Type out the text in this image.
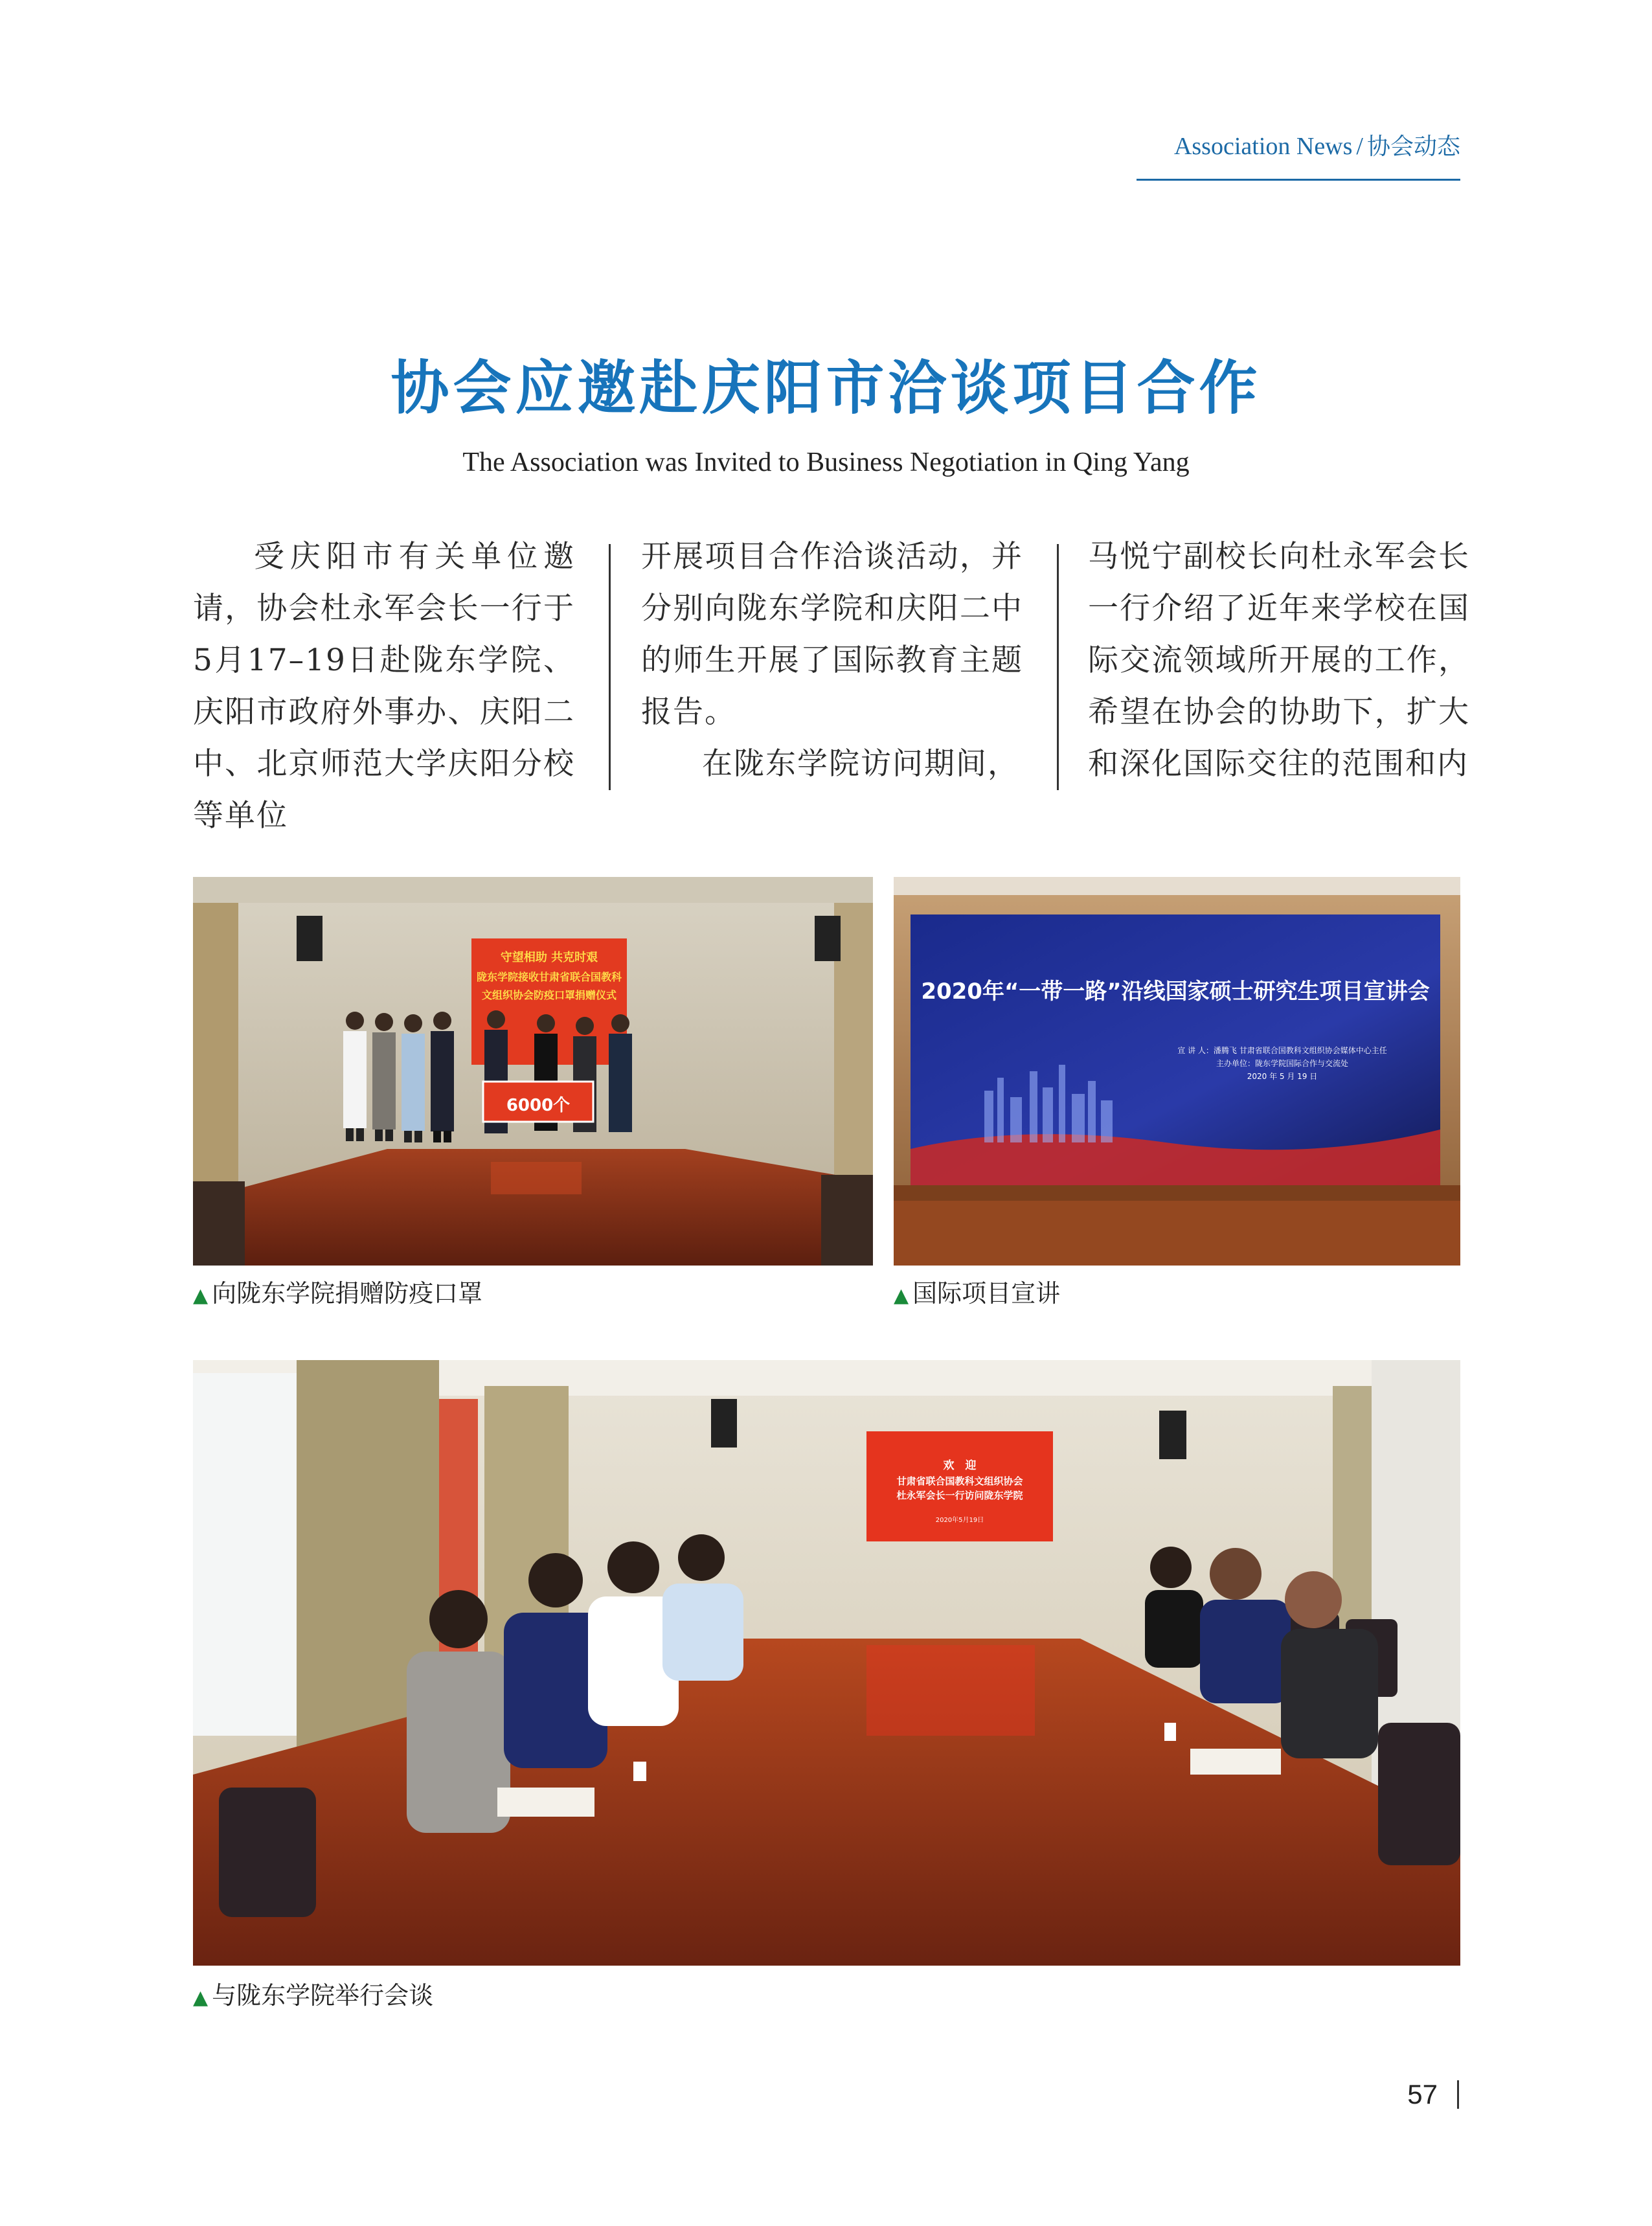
Association News / 协会动态
协会应邀赴庆阳市洽谈项目合作
The Association was Invited to Business Negotiation in Qing Yang

受庆阳市有关单位邀请，协会杜永军会长一行于5月17–19日赴陇东学院、庆阳市政府外事办、庆阳二中、北京师范大学庆阳分校等单位

开展项目合作洽谈活动，并分别向陇东学院和庆阳二中的师生开展了国际教育主题报告。

在陇东学院访问期间，

马悦宁副校长向杜永军会长一行介绍了近年来学校在国际交流领域所开展的工作，希望在协会的协助下，扩大和深化国际交往的范围和内

守望相助 共克时艰
陇东学院接收甘肃省联合国教科
文组织协会防疫口罩捐赠仪式
6000个
▲ 向陇东学院捐赠防疫口罩
2020年“一带一路”沿线国家硕士研究生项目宣讲会
宣 讲 人：潘腾飞 甘肃省联合国教科文组织协会媒体中心主任
主办单位：陇东学院国际合作与交流处
2020 年 5 月 19 日
▲ 国际项目宣讲
欢　迎
甘肃省联合国教科文组织协会
杜永军会长一行访问陇东学院
2020年5月19日
▲ 与陇东学院举行会谈
57
